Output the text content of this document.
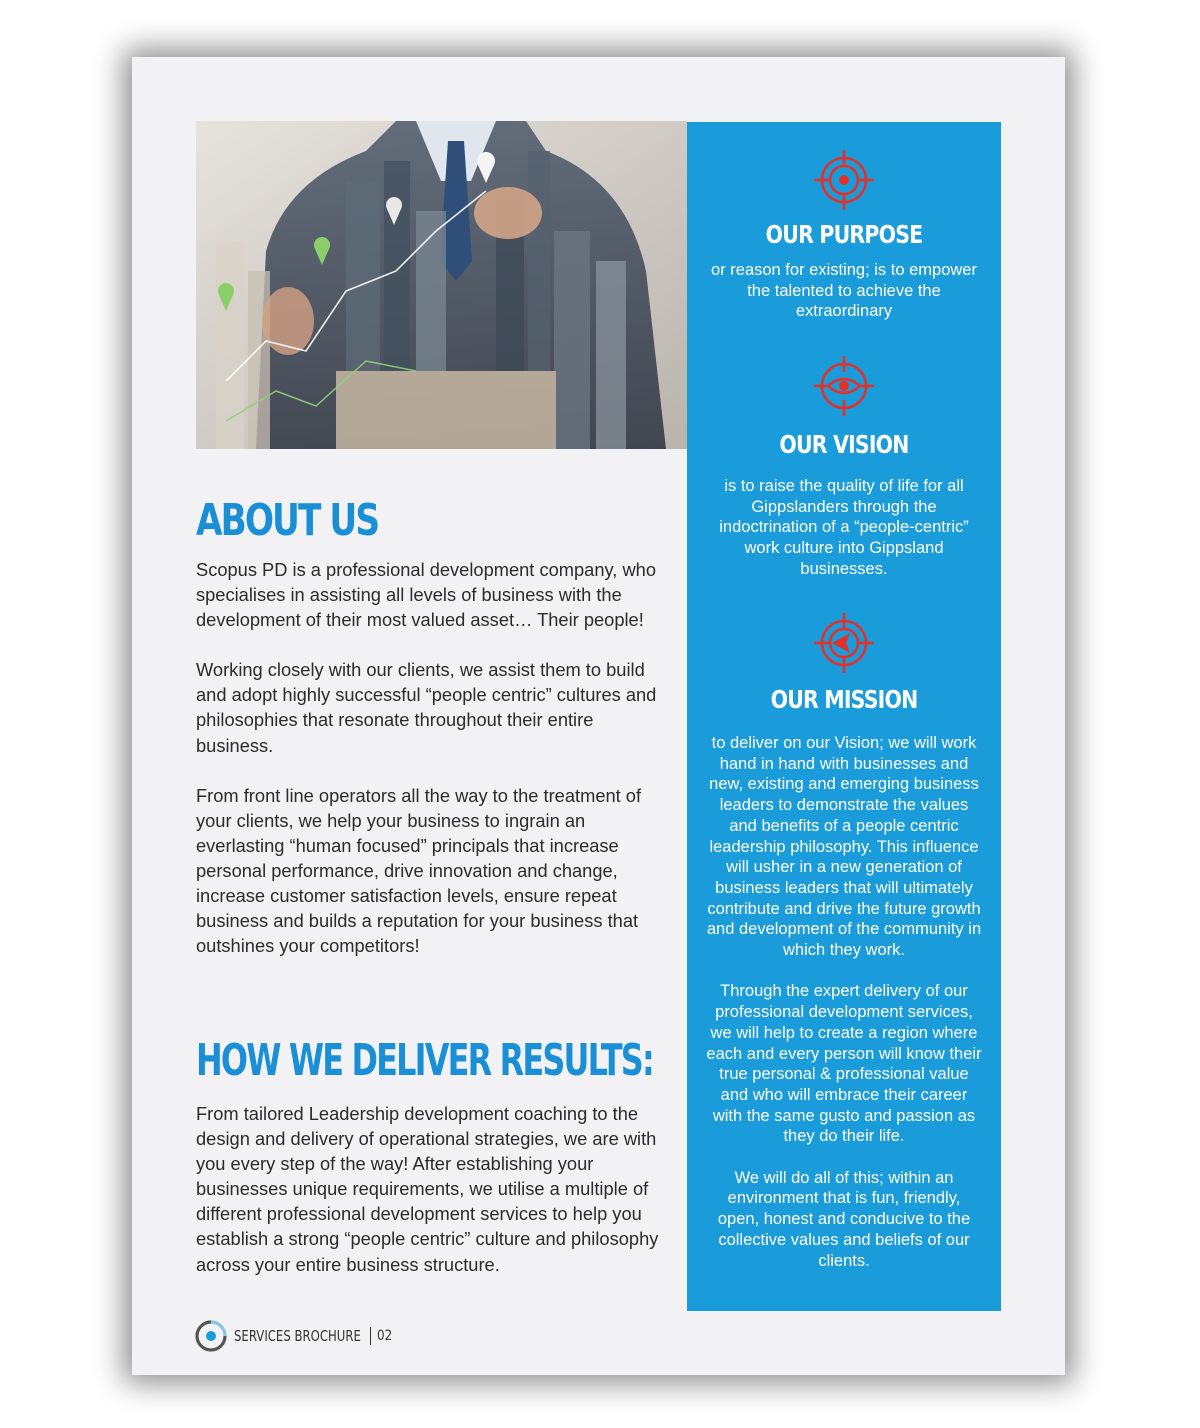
ABOUT US

Scopus PD is a professional development company, who specialises in assisting all levels of business with the development of their most valued asset… Their people!

Working closely with our clients, we assist them to build and adopt highly successful “people centric” cultures and philosophies that resonate throughout their entire business.

From front line operators all the way to the treatment of your clients, we help your business to ingrain an everlasting “human focused” principals that increase personal performance, drive innovation and change, increase customer satisfaction levels, ensure repeat business and builds a reputation for your business that outshines your competitors!

HOW WE DELIVER RESULTS:

From tailored Leadership development coaching to the design and delivery of operational strategies, we are with you every step of the way! After establishing your businesses unique requirements, we utilise a multiple of different professional development services to help you establish a strong “people centric” culture and philosophy across your entire business structure.

OUR PURPOSE
or reason for existing; is to empower the talented to achieve the extraordinary
OUR VISION
is to raise the quality of life for all Gippslanders through the indoctrination of a “people-centric” work culture into Gippsland businesses.
OUR MISSION

to deliver on our Vision; we will work hand in hand with businesses and new, existing and emerging business leaders to demonstrate the values and benefits of a people centric leadership philosophy. This influence will usher in a new generation of business leaders that will ultimately contribute and drive the future growth and development of the community in which they work.

Through the expert delivery of our professional development services, we will help to create a region where each and every person will know their true personal & professional value and who will embrace their career with the same gusto and passion as they do their life.

We will do all of this; within an environment that is fun, friendly, open, honest and conducive to the collective values and beliefs of our clients.

SERVICES BROCHURE 02
